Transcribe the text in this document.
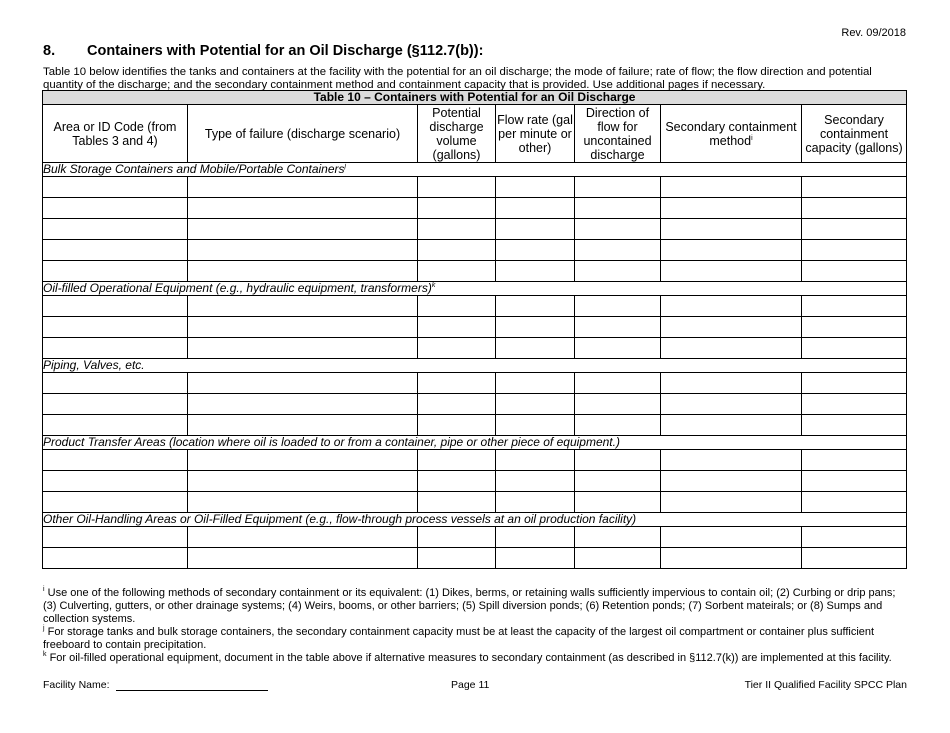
Rev. 09/2018
8. Containers with Potential for an Oil Discharge (§112.7(b)):
Table 10 below identifies the tanks and containers at the facility with the potential for an oil discharge; the mode of failure; rate of flow; the flow direction and potential quantity of the discharge; and the secondary containment method and containment capacity that is provided. Use additional pages if necessary.
Table 10 – Containers with Potential for an Oil Discharge						
Area or ID Code (from Tables 3 and 4)	Type of failure (discharge scenario)	Potential discharge volume (gallons)	Flow rate (gal per minute or other)	Direction of flow for uncontained discharge	Secondary containment method$^i$	Secondary containment capacity (gallons)
Bulk Storage Containers and Mobile/Portable Containers$^j$

Oil-filled Operational Equipment (e.g., hydraulic equipment, transformers)$^k$

Piping, Valves, etc.						

Product Transfer Areas (location where oil is loaded to or from a container, pipe or other piece of equipment.)						

Other Oil-Handling Areas or Oil-Filled Equipment (e.g., flow-through process vessels at an oil production facility)						

$^i$ Use one of the following methods of secondary containment or its equivalent: (1) Dikes, berms, or retaining walls sufficiently impervious to contain oil; (2) Curbing or drip pans; (3) Culverting, gutters, or other drainage systems; (4) Weirs, booms, or other barriers; (5) Spill diversion ponds; (6) Retention ponds; (7) Sorbent mateirals; or (8) Sumps and collection systems.

$^j$ For storage tanks and bulk storage containers, the secondary containment capacity must be at least the capacity of the largest oil compartment or container plus sufficient freeboard to contain precipitation.

$^k$ For oil-filled operational equipment, document in the table above if alternative measures to secondary containment (as described in §112.7(k)) are implemented at this facility.

Facility Name:	Page 11	Tier II Qualified Facility SPCC Plan
